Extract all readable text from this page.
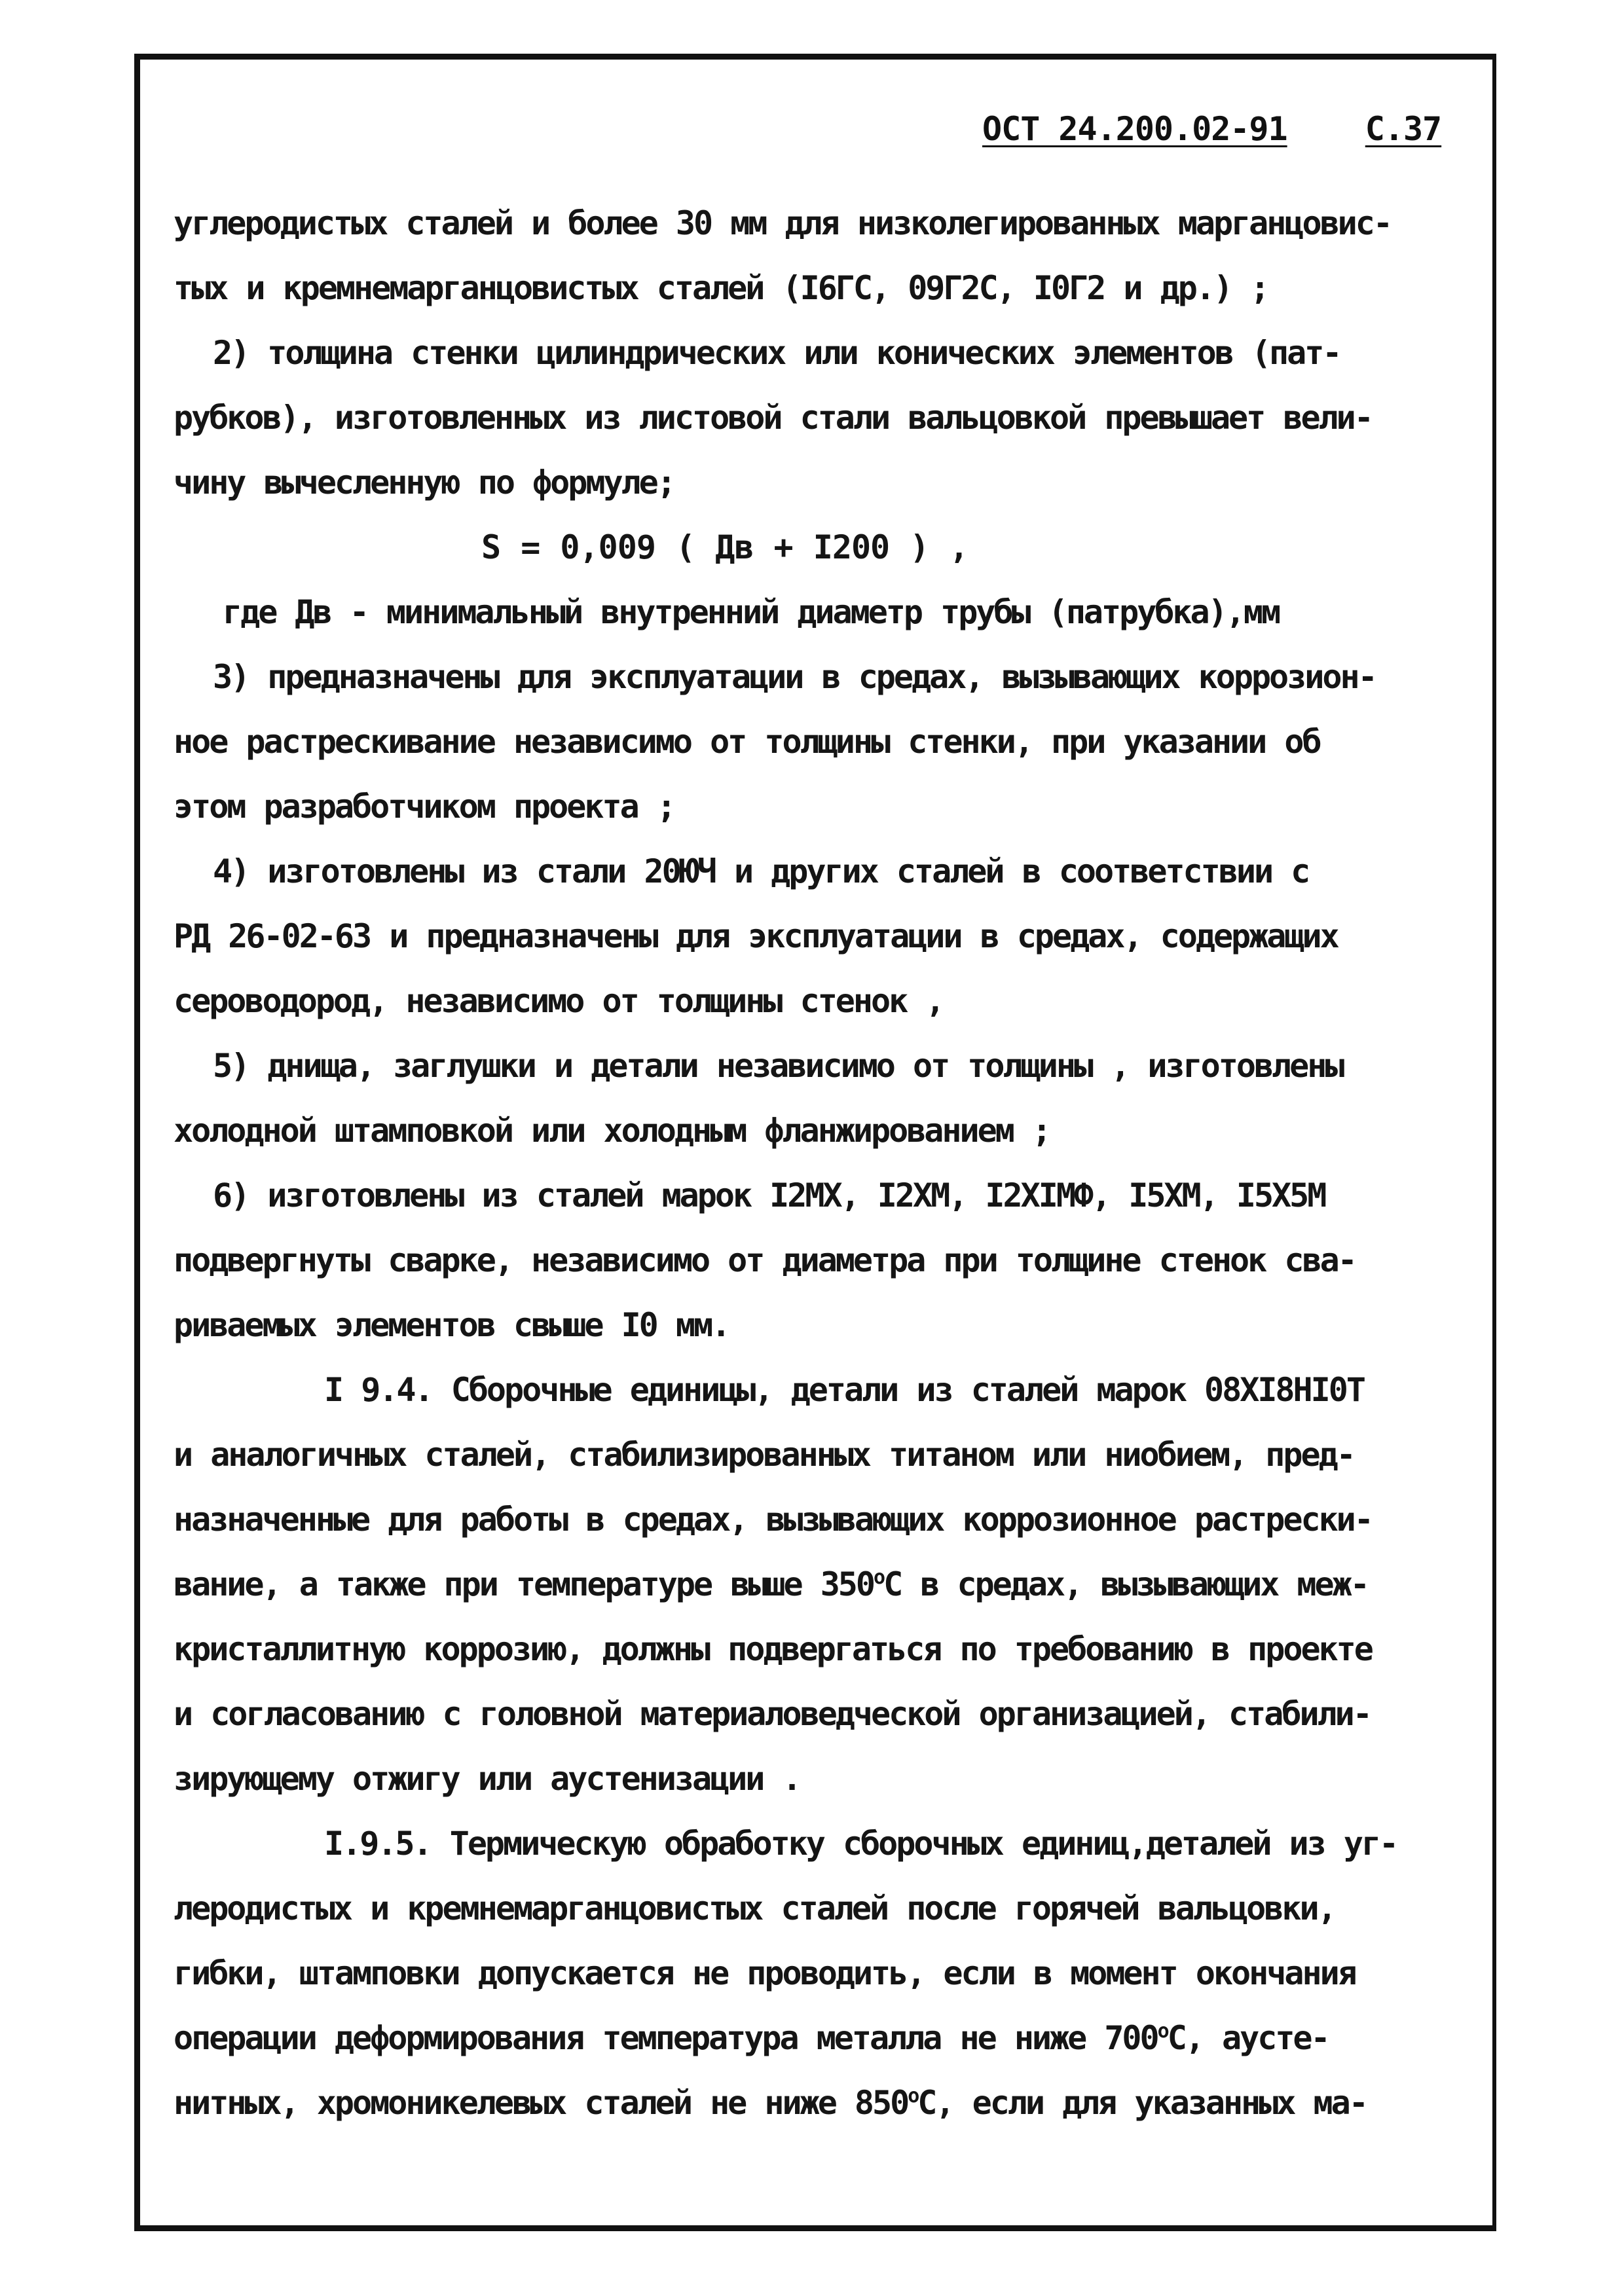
ОСТ 24.200.02-91 С.37
углеродистых сталей и более 30 мм для низколегированных марганцовис-
тых и кремнемарганцовистых сталей (I6ГС, 09Г2С, I0Г2 и др.) ;
2) толщина стенки цилиндрических или конических элементов (пат-
рубков), изготовленных из листовой стали вальцовкой превышает вели-
чину вычесленную по формуле;
S = 0,009 ( Дв + I200 ) ,
где Дв - минимальный внутренний диаметр трубы (патрубка),мм
3) предназначены для эксплуатации в средах, вызывающих коррозион-
ное растрескивание независимо от толщины стенки, при указании об
этом разработчиком проекта ;
4) изготовлены из стали 20ЮЧ и других сталей в соответствии с
РД 26-02-63 и предназначены для эксплуатации в средах, содержащих
сероводород, независимо от толщины стенок ,
5) днища, заглушки и детали независимо от толщины , изготовлены
холодной штамповкой или холодным фланжированием ;
6) изготовлены из сталей марок I2МХ, I2ХМ, I2ХIМФ, I5ХМ, I5Х5М
подвергнуты сварке, независимо от диаметра при толщине стенок сва-
риваемых элементов свыше I0 мм.
I 9.4. Сборочные единицы, детали из сталей марок 08ХI8НI0Т
и аналогичных сталей, стабилизированных титаном или ниобием, пред-
назначенные для работы в средах, вызывающих коррозионное растрески-
вание, а также при температуре выше $350^оС$ в средах, вызывающих меж-
кристаллитную коррозию, должны подвергаться по требованию в проекте
и согласованию с головной материаловедческой организацией, стабили-
зирующему отжигу или аустенизации .
I.9.5. Термическую обработку сборочных единиц,деталей из уг-
леродистых и кремнемарганцовистых сталей после горячей вальцовки,
гибки, штамповки допускается не проводить, если в момент окончания
операции деформирования температура металла не ниже $700^оС$, аусте-
нитных, хромоникелевых сталей не ниже $850^оС$, если для указанных ма-
